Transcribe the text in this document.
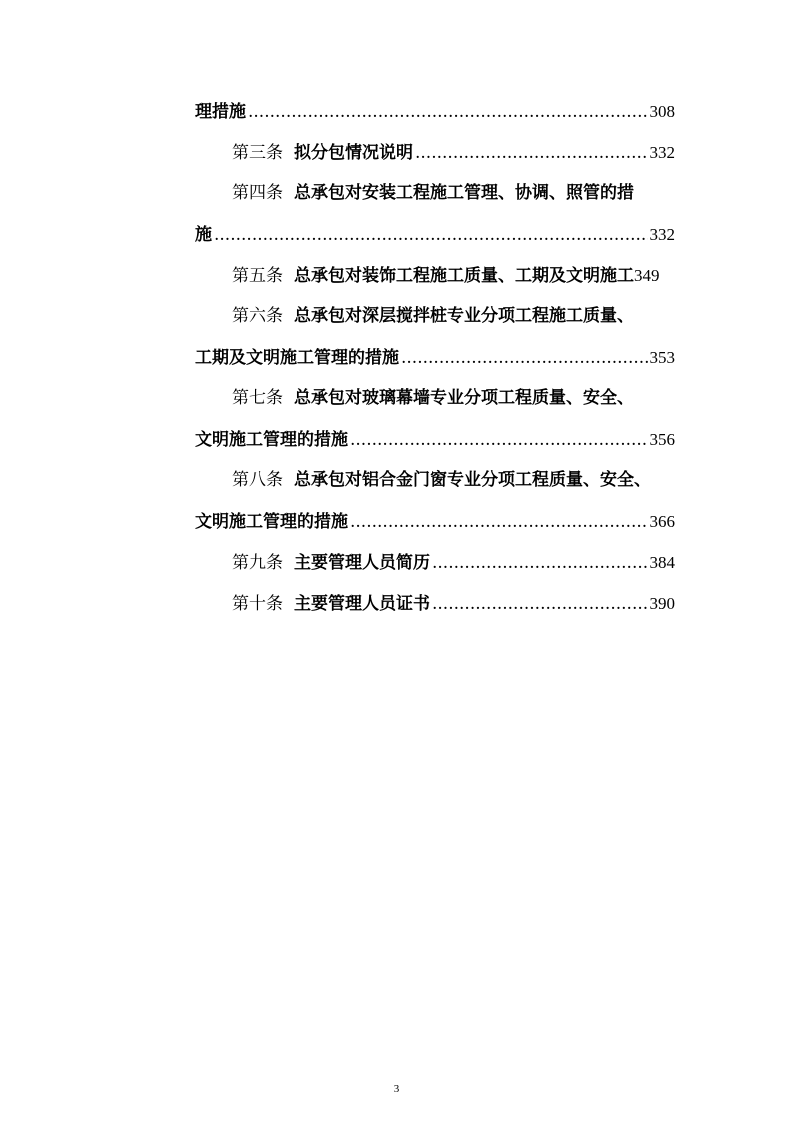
理措施 .....	308
第三条 拟分包情况说明 .....	332
第四条 总承包对安装工程施工管理、协调、照管的措
施 .....	332
第五条 总承包对装饰工程施工质量、工期及文明施工 349
第六条 总承包对深层搅拌桩专业分项工程施工质量、
工期及文明施工管理的措施 .....	353
第七条 总承包对玻璃幕墙专业分项工程质量、安全、
文明施工管理的措施 .....	356
第八条 总承包对铝合金门窗专业分项工程质量、安全、
文明施工管理的措施 .....	366
第九条 主要管理人员简历 .....	384
第十条 主要管理人员证书 .....	390
3
